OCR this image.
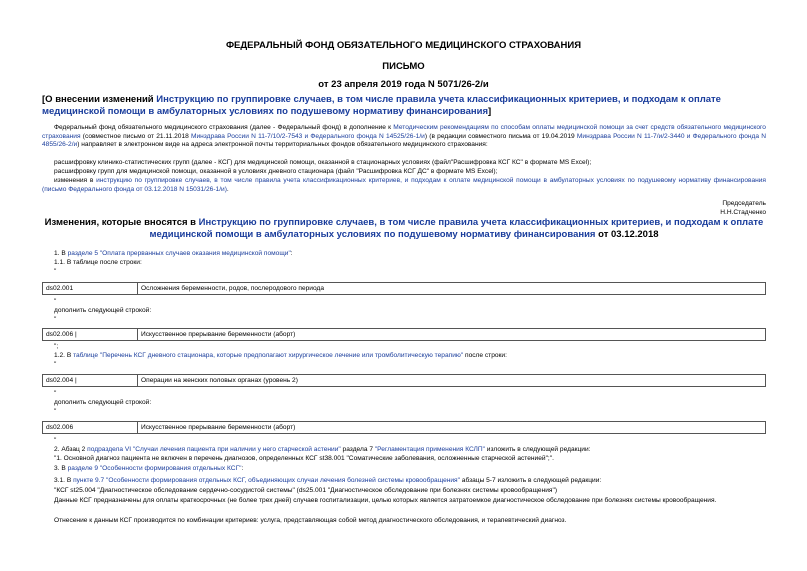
ФЕДЕРАЛЬНЫЙ ФОНД ОБЯЗАТЕЛЬНОГО МЕДИЦИНСКОГО СТРАХОВАНИЯ
ПИСЬМО
от 23 апреля 2019 года N 5071/26-2/и
[О внесении изменений Инструкцию по группировке случаев, в том числе правила учета классификационных критериев, и подходам к оплате медицинской помощи в амбулаторных условиях по подушевому нормативу финансирования]
Федеральный фонд обязательного медицинского страхования (далее - Федеральный фонд) в дополнение к Методическим рекомендациям по способам оплаты медицинской помощи за счет средств обязательного медицинского страхования (совместное письмо от 21.11.2018 Минздрава России N 11-7/10/2-7543 и Федерального фонда N 14525/26-1/и) (в редакции совместного письма от 19.04.2019 Минздрава России N 11-7/и/2-3440 и Федерального фонда N 4855/26-2/и) направляет в электронном виде на адреса электронной почты территориальных фондов обязательного медицинского страхования:
расшифровку клинико-статистических групп (далее - КСГ) для медицинской помощи, оказанной в стационарных условиях (файл"Расшифровка КСГ КС" в формате MS Excel);
расшифровку групп для медицинской помощи, оказанной в условиях дневного стационара (файл "Расшифровка КСГ ДС" в формате MS Excel);
изменения в инструкцию по группировке случаев, в том числе правила учета классификационных критериев, и подходам к оплате медицинской помощи в амбулаторных условиях по подушевому нормативу финансирования (письмо Федерального фонда от 03.12.2018 N 15031/26-1/и).
Председатель
Н.Н.Стадченко
Изменения, которые вносятся в Инструкцию по группировке случаев, в том числе правила учета классификационных критериев, и подходам к оплате медицинской помощи в амбулаторных условиях по подушевому нормативу финансирования от 03.12.2018
1. В разделе 5 "Оплата прерванных случаев оказания медицинской помощи":
1.1. В таблице после строки:
"
ds02.001	Осложнения беременности, родов, послеродового периода
"
дополнить следующей строкой:
"
ds02.006 |	Искусственное прерывание беременности (аборт)
";
1.2. В таблице "Перечень КСГ дневного стационара, которые предполагают хирургическое лечение или тромболитическую терапию" после строки:
"
ds02.004 |	Операции на женских половых органах (уровень 2)
"
дополнить следующей строкой:
"
ds02.006	Искусственное прерывание беременности (аборт)
"
2. Абзац 2 подраздела VI "Случаи лечения пациента при наличии у него старческой астении" раздела 7 "Регламентация применения КСЛП" изложить в следующей редакции:
"1. Основной диагноз пациента не включен в перечень диагнозов, определенных КСГ st38.001 "Соматические заболевания, осложненные старческой астенией";".
3. В разделе 9 "Особенности формирования отдельных КСГ":
3.1. В пункте 9.7 "Особенности формирования отдельных КСГ, объединяющих случаи лечения болезней системы кровообращения" абзацы 5-7 изложить в следующей редакции:
"КСГ st25.004 "Диагностическое обследование сердечно-сосудистой системы" (ds25.001 "Диагностическое обследование при болезнях системы кровообращения")
Данные КСГ предназначены для оплаты краткосрочных (не более трех дней) случаев госпитализации, целью которых является затратоемкое диагностическое обследование при болезнях системы кровообращения.
Отнесение к данным КСГ производится по комбинации критериев: услуга, представляющая собой метод диагностического обследования, и терапевтический диагноз.
